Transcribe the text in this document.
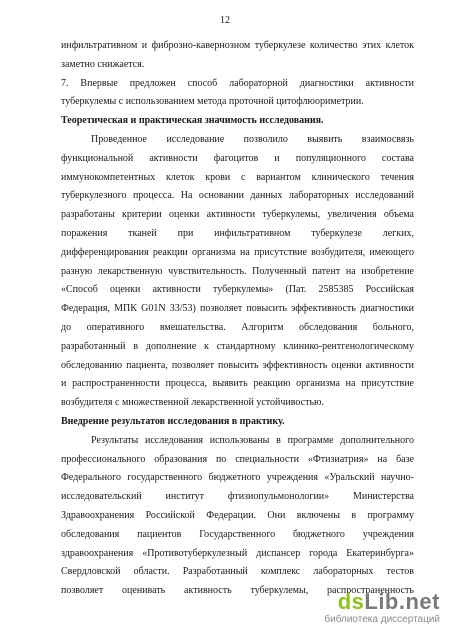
12
инфильтративном и фиброзно-кавернозном туберкулезе количество этих клеток
заметно снижается.
7. Впервые предложен способ лабораторной диагностики активности
туберкулемы с использованием метода проточной цитофлюориметрии.
Теоретическая и практическая значимость исследования.
Проведенное исследование позволило выявить взаимосвязь
функциональной активности фагоцитов и популяционного состава
иммунокомпетентных клеток крови с вариантом клинического течения
туберкулезного процесса. На основании данных лабораторных исследований
разработаны критерии оценки активности туберкулемы, увеличения объема
поражения тканей при инфильтративном туберкулезе легких,
дифференцирования реакции организма на присутствие возбудителя, имеющего
разную лекарственную чувствительность. Полученный патент на изобретение
«Способ оценки активности туберкулемы» (Пат. 2585385 Российская
Федерация, МПК G01N 33/53) позволяет повысить эффективность диагностики
до оперативного вмешательства. Алгоритм обследования больного,
разработанный в дополнение к стандартному клинико-рентгенологическому
обследованию пациента, позволяет повысить эффективность оценки активности
и распространенности процесса, выявить реакцию организма на присутствие
возбудителя с множественной лекарственной устойчивостью.
Внедрение результатов исследования в практику.
Результаты исследования использованы в программе дополнительного
профессионального образования по специальности «Фтизиатрия» на базе
Федерального государственного бюджетного учреждения «Уральский научно-
исследовательский институт фтизиопульмонологии» Министерства
Здравоохранения Российской Федерации. Они включены в программу
обследования пациентов Государственного бюджетного учреждения
здравоохранения «Противотуберкулезный диспансер города Екатеринбурга»
Свердловской области. Разработанный комплекс лабораторных тестов
позволяет оценивать активность туберкулемы, распространенность
dsLib.net
библиотека диссертаций
